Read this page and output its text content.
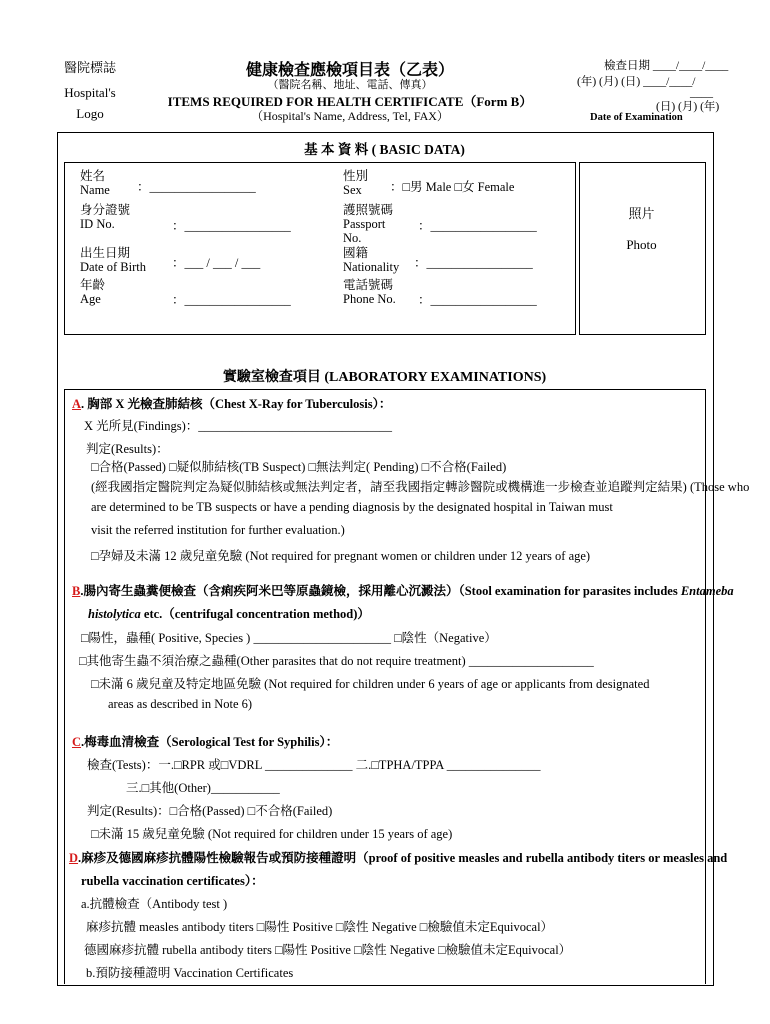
醫院標誌
Hospital's
Logo
健康檢查應檢項目表（乙表）
（醫院名稱、地址、電話、傳真）
ITEMS REQUIRED FOR HEALTH CERTIFICATE（Form B）
（Hospital's Name, Address, Tel, FAX）
檢查日期 ____/____/____
(年) (月) (日) ____/____/
____
(日) (月) (年)
Date of Examination
基 本 資 料 ( BASIC DATA)
照片
Photo
姓名
Name ：_________________
性別
Sex	：□男 Male □女 Female
身分證號
ID No.	：_________________
護照號碼
Passport
No.
：_________________
出生日期
Date of Birth ：___ / ___ / ___
國籍
Nationality ：_________________
年齡
Age	：_________________
電話號碼
Phone No. ：_________________
實驗室檢查項目 (LABORATORY EXAMINATIONS)
A. 胸部 X 光檢查肺結核（Chest X-Ray for Tuberculosis）：
X 光所見(Findings)：_______________________________
判定(Results)：
□合格(Passed) □疑似肺結核(TB Suspect) □無法判定( Pending) □不合格(Failed)
(經我國指定醫院判定為疑似肺結核或無法判定者，請至我國指定轉診醫院或機構進一步檢查並追蹤判定結果) (Those who
are determined to be TB suspects or have a pending diagnosis by the designated hospital in Taiwan must
visit the referred institution for further evaluation.)
□孕婦及未滿 12 歲兒童免驗 (Not required for pregnant women or children under 12 years of age)
B.腸內寄生蟲糞便檢查（含痢疾阿米巴等原蟲鏡檢，採用離心沉澱法）（Stool examination for parasites includes Entameba
histolytica etc.（centrifugal concentration method)）
□陽性，蟲種( Positive, Species ) ______________________ □陰性（Negative）
□其他寄生蟲不須治療之蟲種(Other parasites that do not require treatment) ____________________
□未滿 6 歲兒童及特定地區免驗 (Not required for children under 6 years of age or applicants from designated
areas as described in Note 6)
C.梅毒血清檢查（Serological Test for Syphilis）：
檢查(Tests)：一.□RPR 或□VDRL ______________ 二.□TPHA/TPPA _______________
三.□其他(Other)___________
判定(Results)：□合格(Passed) □不合格(Failed)
□未滿 15 歲兒童免驗 (Not required for children under 15 years of age)
D.麻疹及德國麻疹抗體陽性檢驗報告或預防接種證明（proof of positive measles and rubella antibody titers or measles and
rubella vaccination certificates）：
a.抗體檢查（Antibody test )
麻疹抗體 measles antibody titers □陽性 Positive □陰性 Negative □檢驗值未定Equivocal）
德國麻疹抗體 rubella antibody titers □陽性 Positive □陰性 Negative □檢驗值未定Equivocal）
b.預防接種證明 Vaccination Certificates
